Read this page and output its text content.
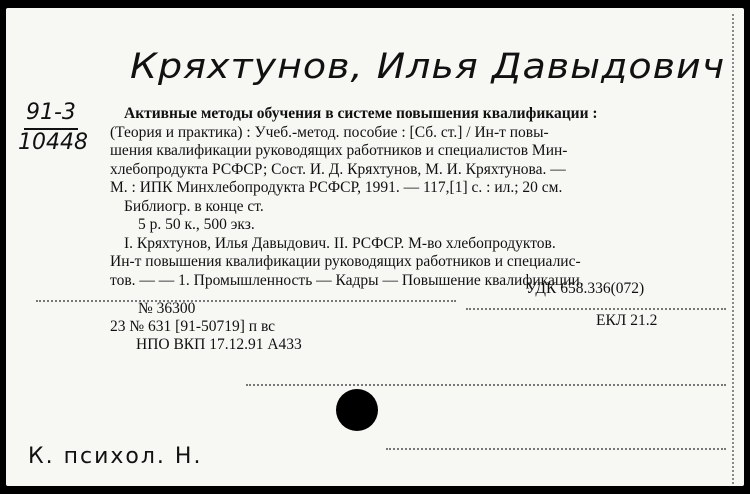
Кряхтунов, Илья Давыдович
91-3
10448
Активные методы обучения в системе повышения квалификации :
(Теория и практика) : Учеб.-метод. пособие : [Сб. ст.] / Ин-т повы-
шения квалификации руководящих работников и специалистов Мин-
хлебопродукта РСФСР; Сост. И. Д. Кряхтунов, М. И. Кряхтунова. —
М. : ИПК Минхлебопродукта РСФСР, 1991. — 117,[1] с. : ил.; 20 см.
Библиогр. в конце ст.
5 р. 50 к., 500 экз.
I. Кряхтунов, Илья Давыдович. II. РСФСР. М-во хлебопродуктов.
Ин-т повышения квалификации руководящих работников и специалис-
тов. — — 1. Промышленность — Кадры — Повышение квалификации.
УДК 658.336(072)
№ 36300
23 № 631 [91-50719] п вс
НПО ВКП 17.12.91 А433
ЕКЛ 21.2
К. психол. Н.
